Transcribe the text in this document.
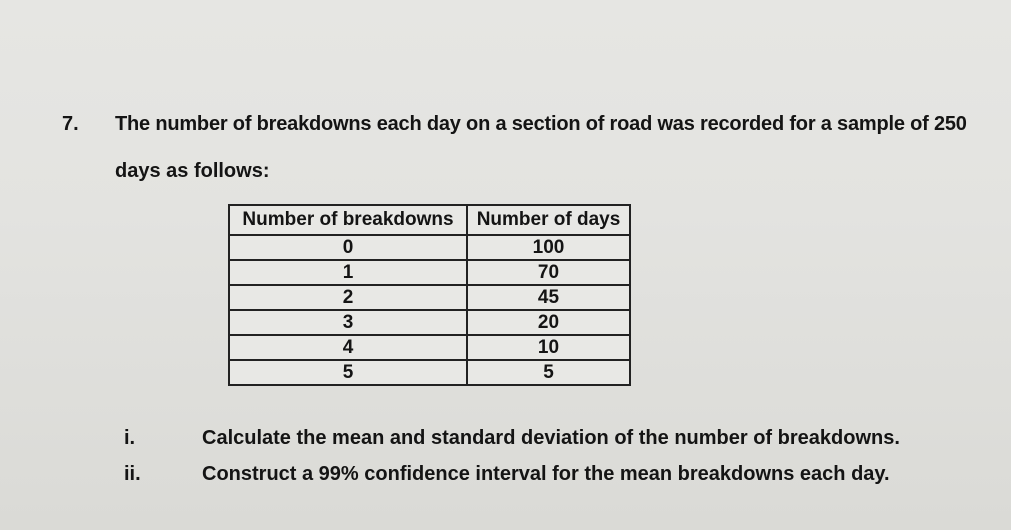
7. The number of breakdowns each day on a section of road was recorded for a sample of 250
days as follows:
Number of breakdowns	Number of days
0	100
1	70
2	45
3	20
4	10
5	5
i.	Calculate the mean and standard deviation of the number of breakdowns.
ii.	Construct a 99% confidence interval for the mean breakdowns each day.
